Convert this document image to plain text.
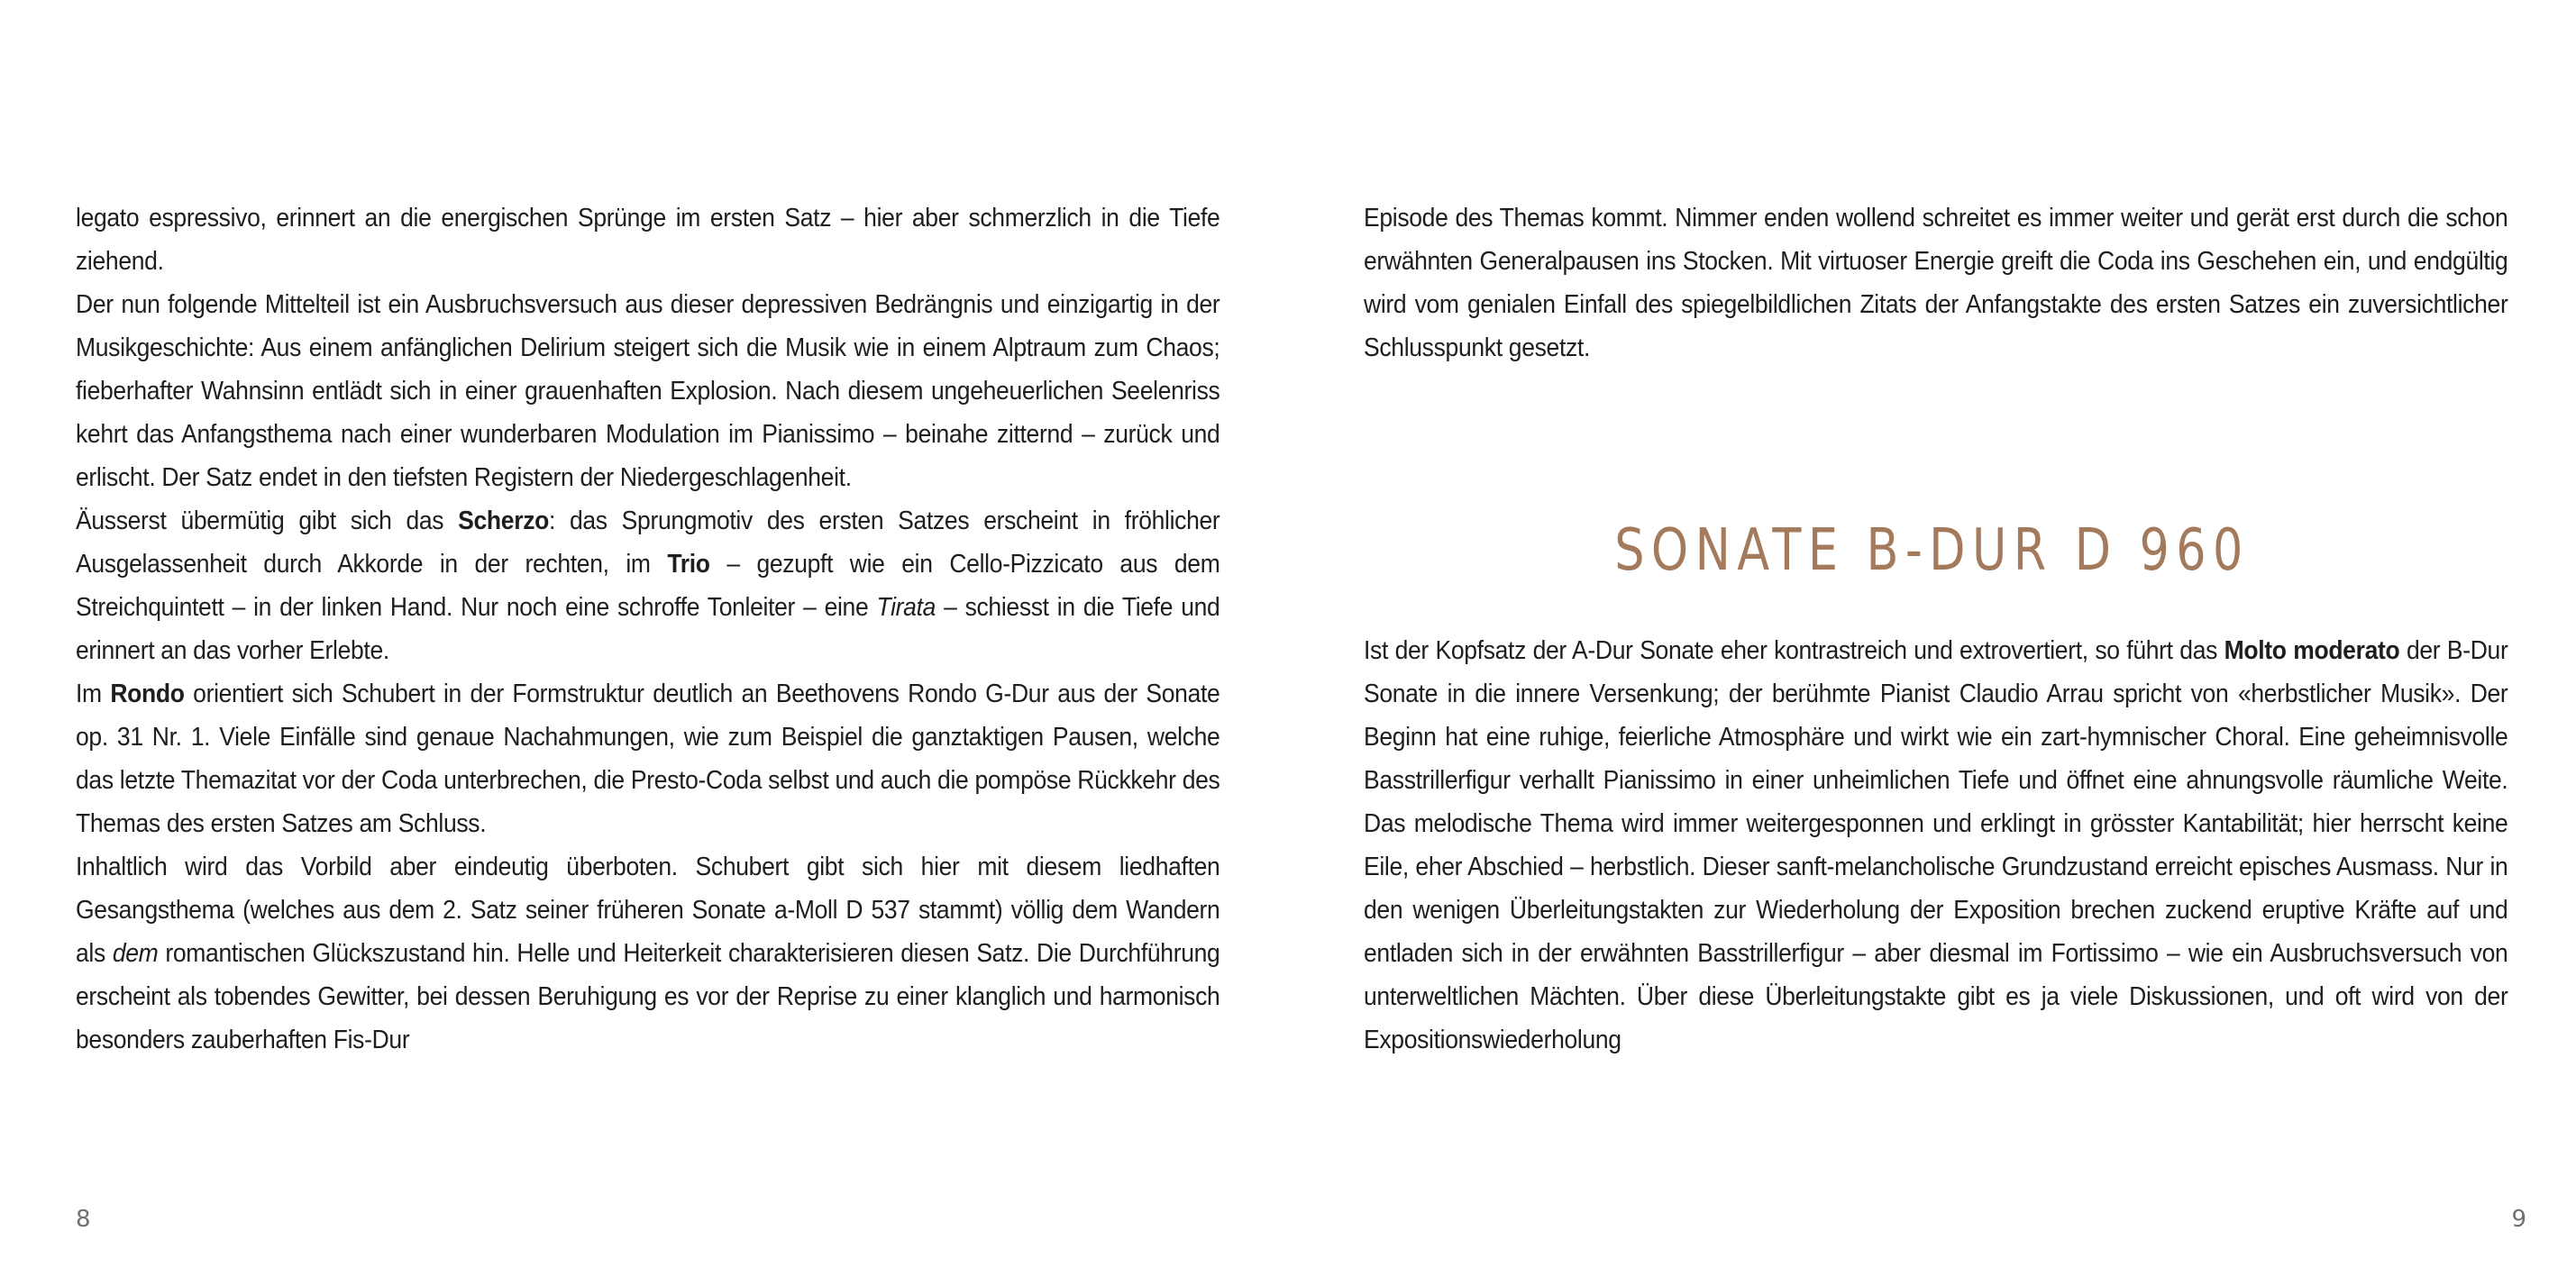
legato espressivo, erinnert an die energischen Sprünge im ersten Satz – hier aber schmerzlich in die Tiefe ziehend.

Der nun folgende Mittelteil ist ein Ausbruchsversuch aus dieser depressiven Bedrängnis und einzigartig in der Musikgeschichte: Aus einem anfänglichen Delirium steigert sich die Musik wie in einem Alptraum zum Chaos; fieberhafter Wahnsinn entlädt sich in einer grauenhaften Explosion. Nach diesem ungeheuerlichen Seelenriss kehrt das Anfangsthema nach einer wunderbaren Modulation im Pianissimo – beinahe zitternd – zurück und erlischt. Der Satz endet in den tiefsten Registern der Niedergeschlagenheit.

Äusserst übermütig gibt sich das Scherzo: das Sprungmotiv des ersten Satzes erscheint in fröhlicher Ausgelassenheit durch Akkorde in der rechten, im Trio – gezupft wie ein Cello-Pizzicato aus dem Streichquintett – in der linken Hand. Nur noch eine schroffe Tonleiter – eine Tirata – schiesst in die Tiefe und erinnert an das vorher Erlebte.

Im Rondo orientiert sich Schubert in der Formstruktur deutlich an Beethovens Rondo G-Dur aus der Sonate op. 31 Nr. 1. Viele Einfälle sind genaue Nachahmungen, wie zum Beispiel die ganztaktigen Pausen, welche das letzte Themazitat vor der Coda unterbrechen, die Presto-Coda selbst und auch die pompöse Rückkehr des Themas des ersten Satzes am Schluss.

Inhaltlich wird das Vorbild aber eindeutig überboten. Schubert gibt sich hier mit diesem liedhaften Gesangsthema (welches aus dem 2. Satz seiner früheren Sonate a-Moll D 537 stammt) völlig dem Wandern als dem romantischen Glückszustand hin. Helle und Heiterkeit charakterisieren diesen Satz. Die Durchführung erscheint als tobendes Gewitter, bei dessen Beruhigung es vor der Reprise zu einer klanglich und harmonisch besonders zauberhaften Fis-Dur

8

Episode des Themas kommt. Nimmer enden wollend schreitet es immer weiter und gerät erst durch die schon erwähnten Generalpausen ins Stocken. Mit virtuoser Energie greift die Coda ins Geschehen ein, und endgültig wird vom genialen Einfall des spiegelbildlichen Zitats der Anfangstakte des ersten Satzes ein zuversichtlicher Schlusspunkt gesetzt.

SONATE B-DUR D 960

Ist der Kopfsatz der A-Dur Sonate eher kontrastreich und extrovertiert, so führt das Molto moderato der B-Dur Sonate in die innere Versenkung; der berühmte Pianist Claudio Arrau spricht von «herbstlicher Musik». Der Beginn hat eine ruhige, feierliche Atmosphäre und wirkt wie ein zart-hymnischer Choral. Eine geheimnisvolle Basstrillerfigur verhallt Pianissimo in einer unheimlichen Tiefe und öffnet eine ahnungsvolle räumliche Weite. Das melodische Thema wird immer weitergesponnen und erklingt in grösster Kantabilität; hier herrscht keine Eile, eher Abschied – herbstlich. Dieser sanft-melancholische Grundzustand erreicht episches Ausmass. Nur in den wenigen Überleitungstakten zur Wiederholung der Exposition brechen zuckend eruptive Kräfte auf und entladen sich in der erwähnten Basstrillerfigur – aber diesmal im Fortissimo – wie ein Ausbruchsversuch von unterweltlichen Mächten. Über diese Überleitungstakte gibt es ja viele Diskussionen, und oft wird von der Expositionswiederholung

9
